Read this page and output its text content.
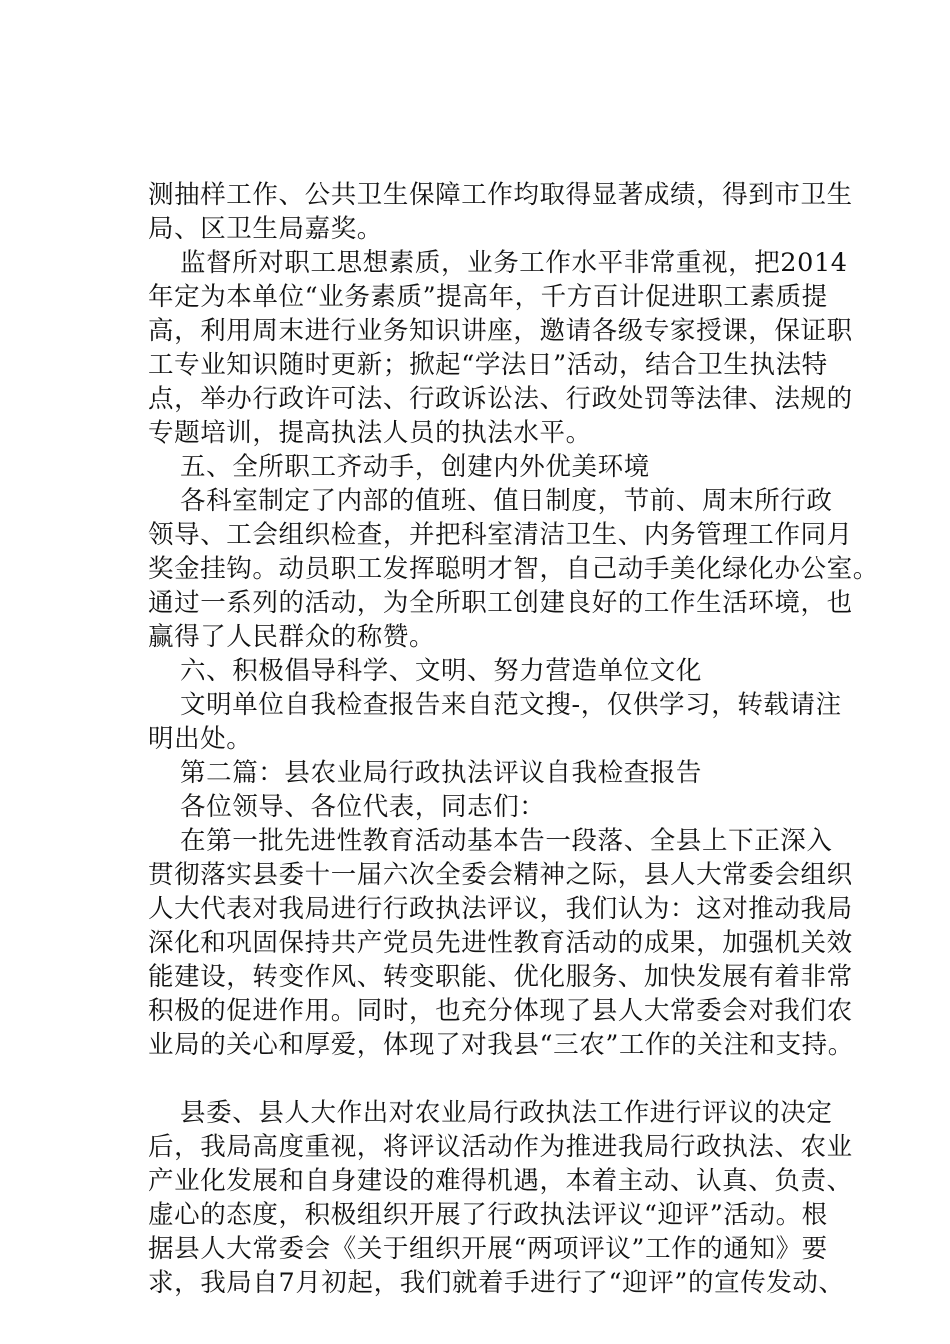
测抽样工作、公共卫生保障工作均取得显著成绩，得到市卫生
局、区卫生局嘉奖。
监督所对职工思想素质，业务工作水平非常重视，把2014
年定为本单位“业务素质”提高年，千方百计促进职工素质提
高，利用周末进行业务知识讲座，邀请各级专家授课，保证职
工专业知识随时更新；掀起“学法日”活动，结合卫生执法特
点，举办行政许可法、行政诉讼法、行政处罚等法律、法规的
专题培训，提高执法人员的执法水平。
五、全所职工齐动手，创建内外优美环境
各科室制定了内部的值班、值日制度，节前、周末所行政
领导、工会组织检查，并把科室清洁卫生、内务管理工作同月
奖金挂钩。动员职工发挥聪明才智，自己动手美化绿化办公室。
通过一系列的活动，为全所职工创建良好的工作生活环境，也
赢得了人民群众的称赞。
六、积极倡导科学、文明、努力营造单位文化
文明单位自我检查报告来自范文搜-，仅供学习，转载请注
明出处。
第二篇：县农业局行政执法评议自我检查报告
各位领导、各位代表，同志们：
在第一批先进性教育活动基本告一段落、全县上下正深入
贯彻落实县委十一届六次全委会精神之际，县人大常委会组织
人大代表对我局进行行政执法评议，我们认为：这对推动我局
深化和巩固保持共产党员先进性教育活动的成果，加强机关效
能建设，转变作风、转变职能、优化服务、加快发展有着非常
积极的促进作用。同时，也充分体现了县人大常委会对我们农
业局的关心和厚爱，体现了对我县“三农”工作的关注和支持。
县委、县人大作出对农业局行政执法工作进行评议的决定
后，我局高度重视，将评议活动作为推进我局行政执法、农业
产业化发展和自身建设的难得机遇，本着主动、认真、负责、
虚心的态度，积极组织开展了行政执法评议“迎评”活动。根
据县人大常委会《关于组织开展“两项评议”工作的通知》要
求，我局自7月初起，我们就着手进行了“迎评”的宣传发动、
